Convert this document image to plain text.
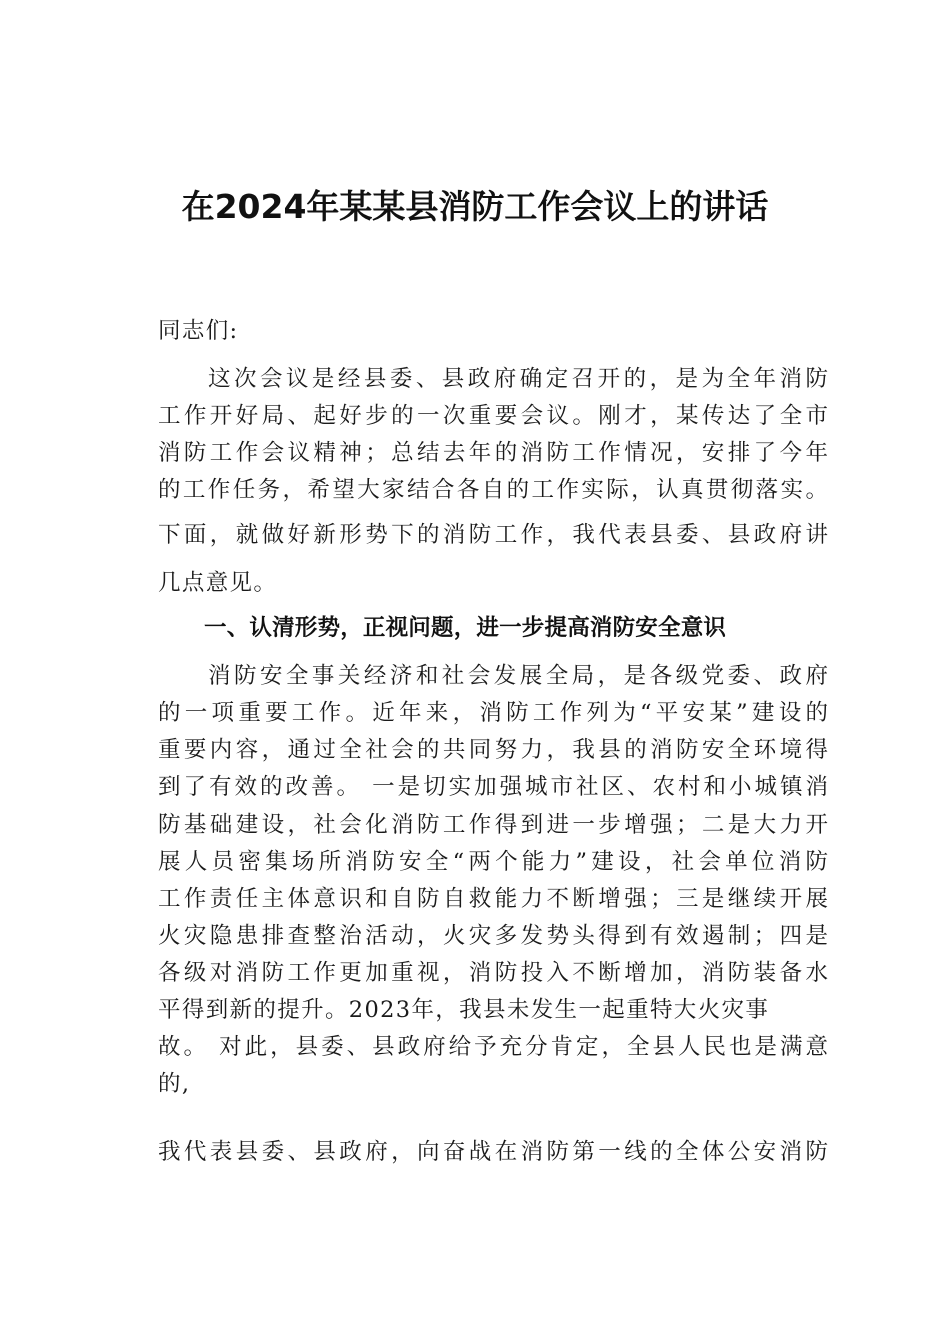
在2024年某某县消防工作会议上的讲话
同志们:
这次会议是经县委、县政府确定召开的，是为全年消防
工作开好局、起好步的一次重要会议。刚才，某传达了全市
消防工作会议精神；总结去年的消防工作情况，安排了今年
的工作任务，希望大家结合各自的工作实际，认真贯彻落实。
下面，就做好新形势下的消防工作，我代表县委、县政府讲
几点意见。
一、认清形势，正视问题，进一步提高消防安全意识
消防安全事关经济和社会发展全局，是各级党委、政府
的一项重要工作。近年来，消防工作列为“平安某”建设的
重要内容，通过全社会的共同努力，我县的消防安全环境得
到了有效的改善。 一是切实加强城市社区、农村和小城镇消
防基础建设，社会化消防工作得到进一步增强；二是大力开
展人员密集场所消防安全“两个能力”建设，社会单位消防
工作责任主体意识和自防自救能力不断增强；三是继续开展
火灾隐患排查整治活动，火灾多发势头得到有效遏制；四是
各级对消防工作更加重视，消防投入不断增加，消防装备水
平得到新的提升。2023年，我县未发生一起重特大火灾事
故。 对此，县委、县政府给予充分肯定，全县人民也是满意
的,
我代表县委、县政府，向奋战在消防第一线的全体公安消防
